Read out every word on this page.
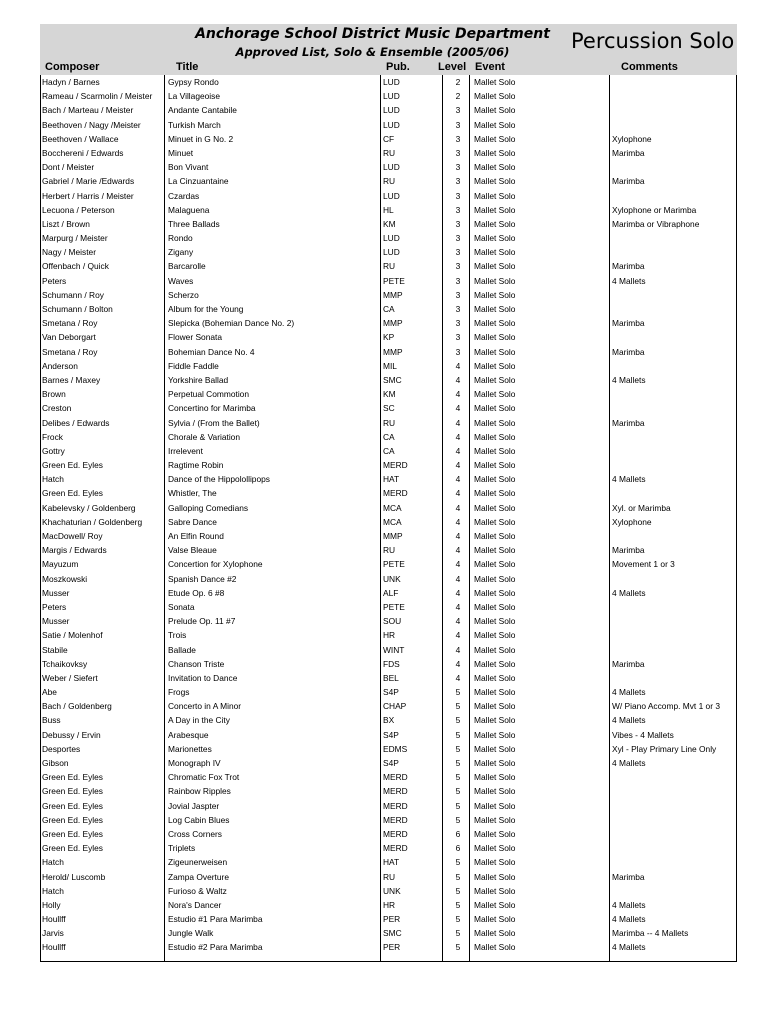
Anchorage School District Music Department
Approved List, Solo & Ensemble (2005/06)	Percussion Solo
Composer	Title	Pub.	Level Event	Comments
Hadyn / Barnes	Gypsy Rondo	LUD	2	Mallet Solo
Rameau / Scarmolin / Meister	La Villageoise	LUD	2	Mallet Solo
Bach / Marteau / Meister	Andante Cantabile	LUD	3	Mallet Solo
Beethoven / Nagy /Meister	Turkish March	LUD	3	Mallet Solo
Beethoven / Wallace	Minuet in G No. 2	CF	3	Mallet Solo	Xylophone
Bocchereni / Edwards	Minuet	RU	3	Mallet Solo	Marimba
Dont / Meister	Bon Vivant	LUD	3	Mallet Solo
Gabriel / Marie /Edwards	La Cinzuantaine	RU	3	Mallet Solo	Marimba
Herbert / Harris / Meister	Czardas	LUD	3	Mallet Solo
Lecuona / Peterson	Malaguena	HL	3	Mallet Solo	Xylophone or Marimba
Liszt / Brown	Three Ballads	KM	3	Mallet Solo	Marimba or Vibraphone
Marpurg / Meister	Rondo	LUD	3	Mallet Solo
Nagy / Meister	Zigany	LUD	3	Mallet Solo
Offenbach / Quick	Barcarolle	RU	3	Mallet Solo	Marimba
Peters	Waves	PETE	3	Mallet Solo	4 Mallets
Schumann / Roy	Scherzo	MMP	3	Mallet Solo
Schumann / Bolton	Album for the Young	CA	3	Mallet Solo
Smetana / Roy	Slepicka (Bohemian Dance No. 2)	MMP	3	Mallet Solo	Marimba
Van Deborgart	Flower Sonata	KP	3	Mallet Solo
Smetana / Roy	Bohemian Dance No. 4	MMP	3	Mallet Solo	Marimba
Anderson	Fiddle Faddle	MIL	4	Mallet Solo
Barnes / Maxey	Yorkshire Ballad	SMC	4	Mallet Solo	4 Mallets
Brown	Perpetual Commotion	KM	4	Mallet Solo
Creston	Concertino for Marimba	SC	4	Mallet Solo
Delibes / Edwards	Sylvia / (From the Ballet)	RU	4	Mallet Solo	Marimba
Frock	Chorale & Variation	CA	4	Mallet Solo
Gottry	Irrelevent	CA	4	Mallet Solo
Green Ed. Eyles	Ragtime Robin	MERD	4	Mallet Solo
Hatch	Dance of the Hippolollipops	HAT	4	Mallet Solo	4 Mallets
Green Ed. Eyles	Whistler, The	MERD	4	Mallet Solo
Kabelevsky / Goldenberg	Galloping Comedians	MCA	4	Mallet Solo	Xyl. or Marimba
Khachaturian / Goldenberg	Sabre Dance	MCA	4	Mallet Solo	Xylophone
MacDowell/ Roy	An Elfin Round	MMP	4	Mallet Solo
Margis / Edwards	Valse Bleaue	RU	4	Mallet Solo	Marimba
Mayuzum	Concertion for Xylophone	PETE	4	Mallet Solo	Movement 1 or 3
Moszkowski	Spanish Dance #2	UNK	4	Mallet Solo
Musser	Etude Op. 6 #8	ALF	4	Mallet Solo	4 Mallets
Peters	Sonata	PETE	4	Mallet Solo
Musser	Prelude Op. 11 #7	SOU	4	Mallet Solo
Satie / Molenhof	Trois	HR	4	Mallet Solo
Stabile	Ballade	WINT	4	Mallet Solo
Tchaikovksy	Chanson Triste	FDS	4	Mallet Solo	Marimba
Weber / Siefert	Invitation to Dance	BEL	4	Mallet Solo
Abe	Frogs	S4P	5	Mallet Solo	4 Mallets
Bach / Goldenberg	Concerto in A Minor	CHAP	5	Mallet Solo	W/ Piano Accomp. Mvt 1 or 3
Buss	A Day in the City	BX	5	Mallet Solo	4 Mallets
Debussy / Ervin	Arabesque	S4P	5	Mallet Solo	Vibes - 4 Mallets
Desportes	Marionettes	EDMS	5	Mallet Solo	Xyl - Play Primary Line Only
Gibson	Monograph IV	S4P	5	Mallet Solo	4 Mallets
Green Ed. Eyles	Chromatic Fox Trot	MERD	5	Mallet Solo
Green Ed. Eyles	Rainbow Ripples	MERD	5	Mallet Solo
Green Ed. Eyles	Jovial Jaspter	MERD	5	Mallet Solo
Green Ed. Eyles	Log Cabin Blues	MERD	5	Mallet Solo
Green Ed. Eyles	Cross Corners	MERD	6	Mallet Solo
Green Ed. Eyles	Triplets	MERD	6	Mallet Solo
Hatch	Zigeunerweisen	HAT	5	Mallet Solo
Herold/ Luscomb	Zampa Overture	RU	5	Mallet Solo	Marimba
Hatch	Furioso & Waltz	UNK	5	Mallet Solo
Holly	Nora's Dancer	HR	5	Mallet Solo	4 Mallets
Houllff	Estudio #1 Para Marimba	PER	5	Mallet Solo	4 Mallets
Jarvis	Jungle Walk	SMC	5	Mallet Solo	Marimba -- 4 Mallets
Houllff	Estudio #2 Para Marimba	PER	5	Mallet Solo	4 Mallets
